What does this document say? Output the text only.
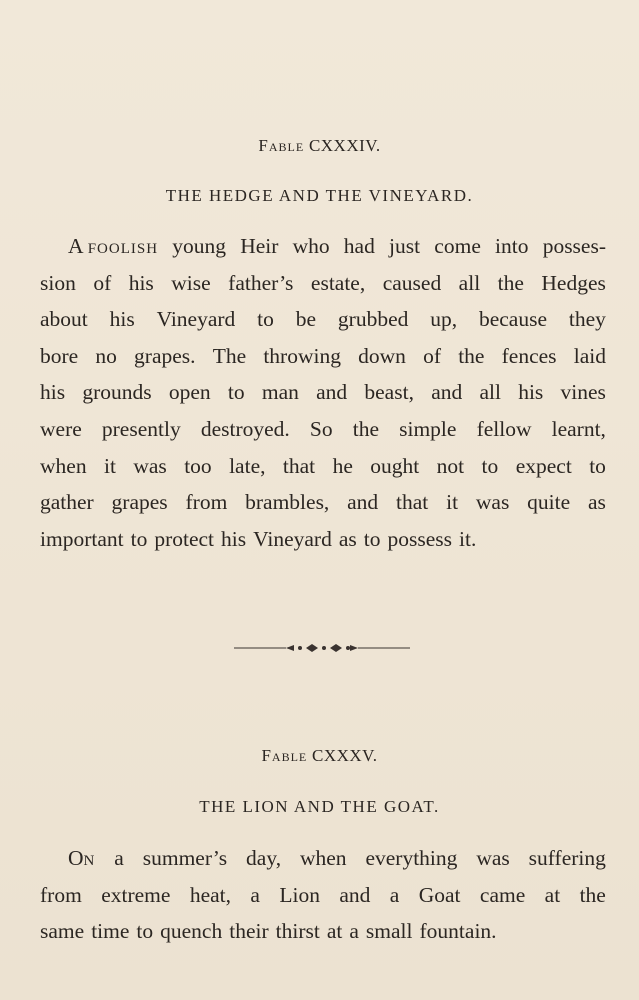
Fable CXXXIV.
THE HEDGE AND THE VINEYARD.
A foolish young Heir who had just come into posses-
sion of his wise father’s estate, caused all the Hedges
about his Vineyard to be grubbed up, because they
bore no grapes. The throwing down of the fences laid
his grounds open to man and beast, and all his vines
were presently destroyed. So the simple fellow learnt,
when it was too late, that he ought not to expect to
gather grapes from brambles, and that it was quite as
important to protect his Vineyard as to possess it.
Fable CXXXV.
THE LION AND THE GOAT.
On a summer’s day, when everything was suffering
from extreme heat, a Lion and a Goat came at the
same time to quench their thirst at a small fountain.
